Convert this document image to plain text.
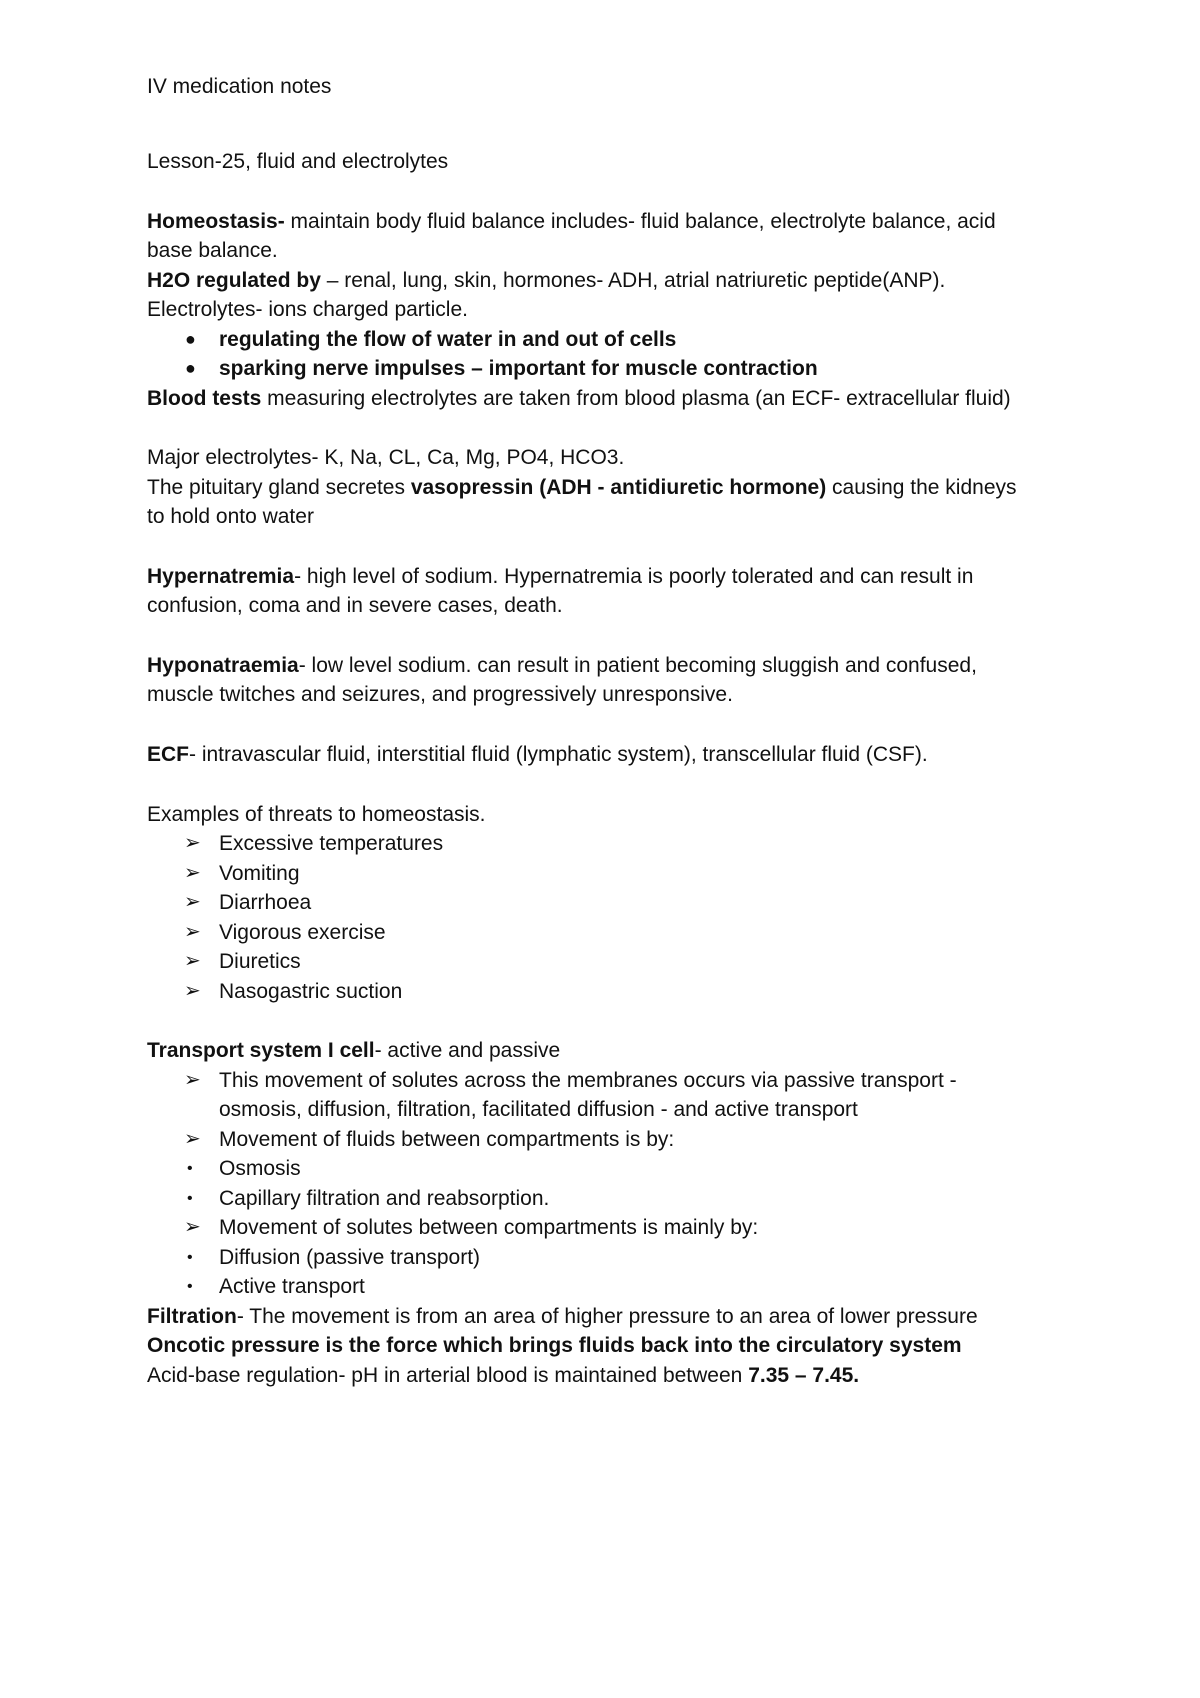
IV medication notes
Lesson-25, fluid and electrolytes
Homeostasis- maintain body fluid balance includes- fluid balance, electrolyte balance, acid
base balance.
H2O regulated by – renal, lung, skin, hormones- ADH, atrial natriuretic peptide(ANP).
Electrolytes- ions charged particle.
● regulating the flow of water in and out of cells
● sparking nerve impulses – important for muscle contraction
Blood tests measuring electrolytes are taken from blood plasma (an ECF- extracellular fluid)
Major electrolytes- K, Na, CL, Ca, Mg, PO4, HCO3.
The pituitary gland secretes vasopressin (ADH - antidiuretic hormone) causing the kidneys
to hold onto water
Hypernatremia- high level of sodium. Hypernatremia is poorly tolerated and can result in
confusion, coma and in severe cases, death.
Hyponatraemia- low level sodium. can result in patient becoming sluggish and confused,
muscle twitches and seizures, and progressively unresponsive.
ECF- intravascular fluid, interstitial fluid (lymphatic system), transcellular fluid (CSF).
Examples of threats to homeostasis.
➢ Excessive temperatures
➢ Vomiting
➢ Diarrhoea
➢ Vigorous exercise
➢ Diuretics
➢ Nasogastric suction
Transport system I cell- active and passive
➢ This movement of solutes across the membranes occurs via passive transport -
osmosis, diffusion, filtration, facilitated diffusion - and active transport
➢ Movement of fluids between compartments is by:
• Osmosis
• Capillary filtration and reabsorption.
➢ Movement of solutes between compartments is mainly by:
• Diffusion (passive transport)
• Active transport
Filtration- The movement is from an area of higher pressure to an area of lower pressure
Oncotic pressure is the force which brings fluids back into the circulatory system
Acid-base regulation- pH in arterial blood is maintained between 7.35 – 7.45.
